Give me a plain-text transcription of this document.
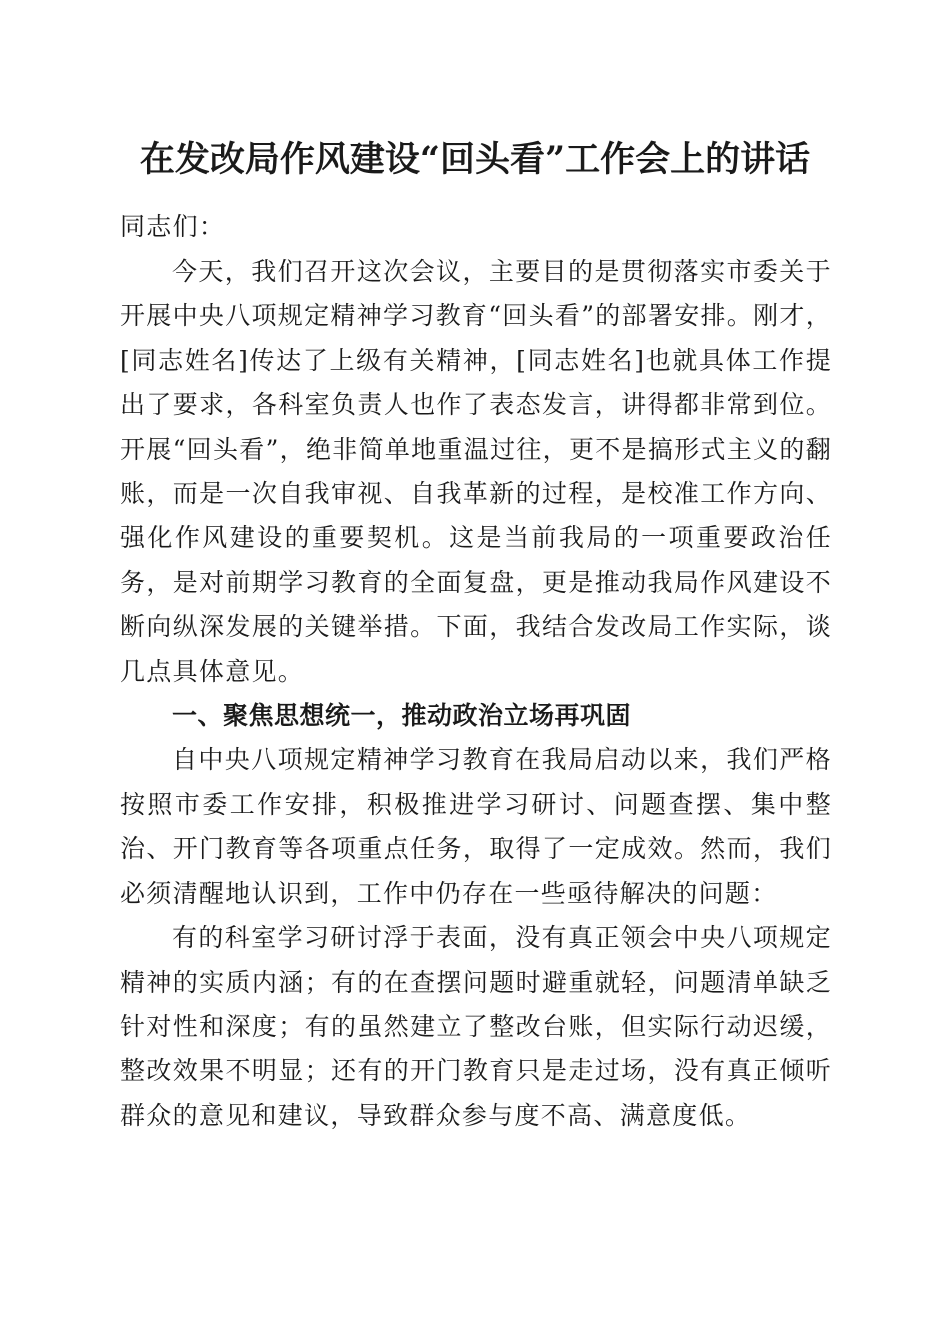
在发改局作风建设“回头看”工作会上的讲话
同志们：

今天，我们召开这次会议，主要目的是贯彻落实市委关于开展中央八项规定精神学习教育“回头看”的部署安排。刚才，[同志姓名]传达了上级有关精神，[同志姓名]也就具体工作提出了要求，各科室负责人也作了表态发言，讲得都非常到位。开展“回头看”，绝非简单地重温过往，更不是搞形式主义的翻账，而是一次自我审视、自我革新的过程，是校准工作方向、强化作风建设的重要契机。这是当前我局的一项重要政治任务，是对前期学习教育的全面复盘，更是推动我局作风建设不断向纵深发展的关键举措。下面，我结合发改局工作实际，谈几点具体意见。

一、聚焦思想统一，推动政治立场再巩固

自中央八项规定精神学习教育在我局启动以来，我们严格按照市委工作安排，积极推进学习研讨、问题查摆、集中整治、开门教育等各项重点任务，取得了一定成效。然而，我们必须清醒地认识到，工作中仍存在一些亟待解决的问题：

有的科室学习研讨浮于表面，没有真正领会中央八项规定精神的实质内涵；有的在查摆问题时避重就轻，问题清单缺乏针对性和深度；有的虽然建立了整改台账，但实际行动迟缓，整改效果不明显；还有的开门教育只是走过场，没有真正倾听群众的意见和建议，导致群众参与度不高、满意度低。
